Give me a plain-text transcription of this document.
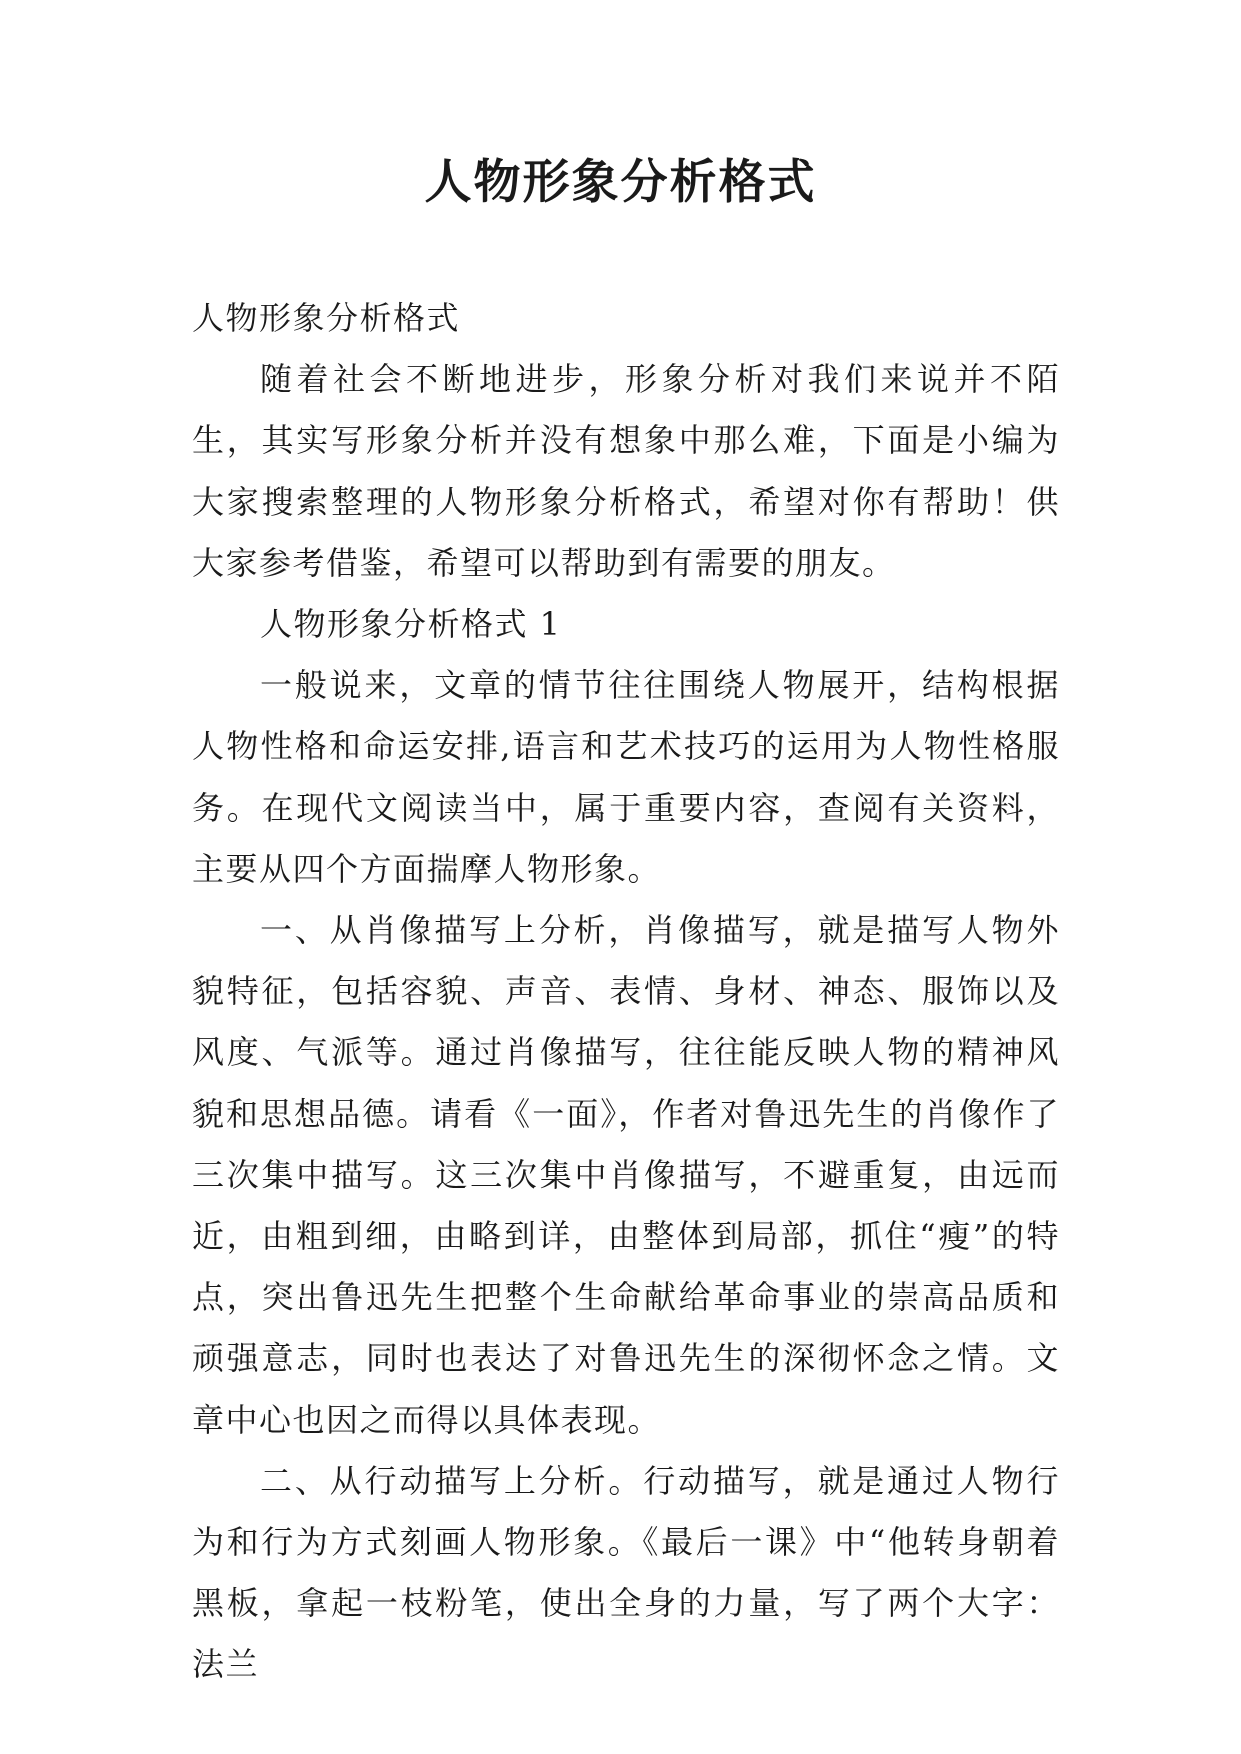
人物形象分析格式

人物形象分析格式

随着社会不断地进步，形象分析对我们来说并不陌生，其实写形象分析并没有想象中那么难，下面是小编为大家搜索整理的人物形象分析格式，希望对你有帮助！供大家参考借鉴，希望可以帮助到有需要的朋友。

人物形象分析格式 1

一般说来，文章的情节往往围绕人物展开，结构根据人物性格和命运安排,语言和艺术技巧的运用为人物性格服务。在现代文阅读当中，属于重要内容，查阅有关资料，主要从四个方面揣摩人物形象。

一、从肖像描写上分析，肖像描写，就是描写人物外貌特征，包括容貌、声音、表情、身材、神态、服饰以及风度、气派等。通过肖像描写，往往能反映人物的精神风貌和思想品德。请看《一面》，作者对鲁迅先生的肖像作了三次集中描写。这三次集中肖像描写，不避重复，由远而近，由粗到细，由略到详，由整体到局部，抓住“瘦”的特点，突出鲁迅先生把整个生命献给革命事业的崇高品质和顽强意志，同时也表达了对鲁迅先生的深彻怀念之情。文章中心也因之而得以具体表现。

二、从行动描写上分析。行动描写，就是通过人物行为和行为方式刻画人物形象。《最后一课》中“他转身朝着黑板，拿起一枝粉笔，使出全身的力量，写了两个大字：法兰
